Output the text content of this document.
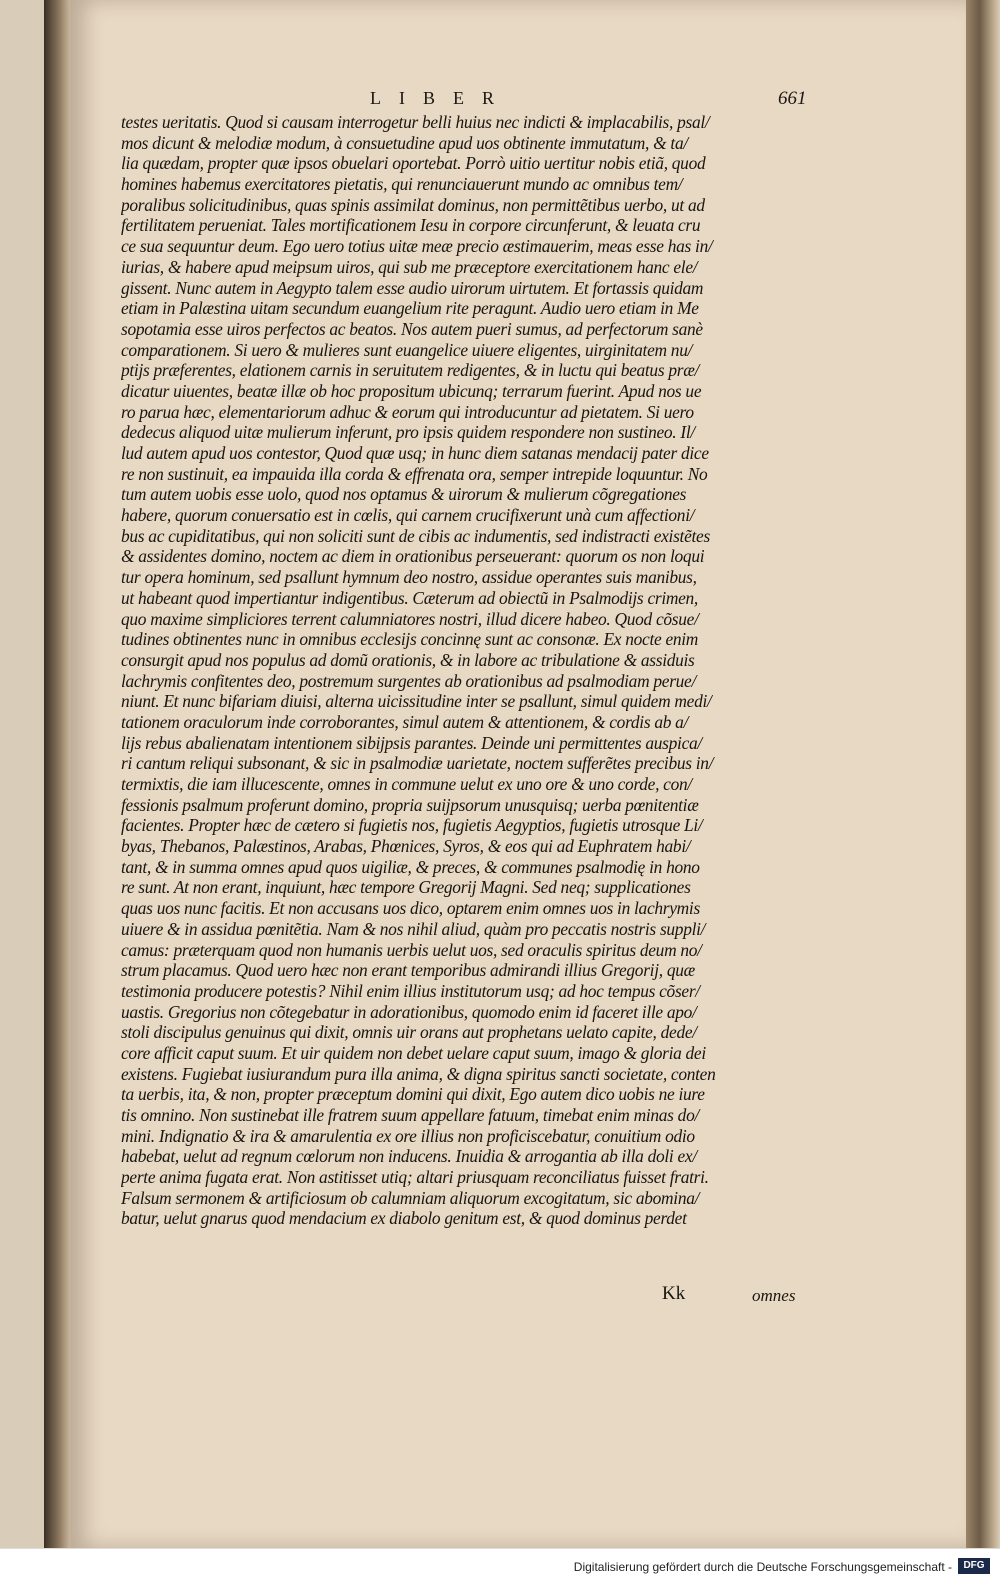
LIBER	661
testes ueritatis. Quod si causam interrogetur belli huius nec indicti & implacabilis, psal/
mos dicunt & melodiæ modum, à consuetudine apud uos obtinente immutatum, & ta/
lia quædam, propter quæ ipsos obuelari oportebat. Porrò uitio uertitur nobis etiã, quod
homines habemus exercitatores pietatis, qui renunciauerunt mundo ac omnibus tem/
poralibus solicitudinibus, quas spinis assimilat dominus, non permittẽtibus uerbo, ut ad
fertilitatem perueniat. Tales mortificationem Iesu in corpore circunferunt, & leuata cru
ce sua sequuntur deum. Ego uero totius uitæ meæ precio æstimauerim, meas esse has in/
iurias, & habere apud meipsum uiros, qui sub me præceptore exercitationem hanc ele/
gissent. Nunc autem in Aegypto talem esse audio uirorum uirtutem. Et fortassis quidam
etiam in Palæstina uitam secundum euangelium rite peragunt. Audio uero etiam in Me
sopotamia esse uiros perfectos ac beatos. Nos autem pueri sumus, ad perfectorum sanè
comparationem. Si uero & mulieres sunt euangelice uiuere eligentes, uirginitatem nu/
ptijs præferentes, elationem carnis in seruitutem redigentes, & in luctu qui beatus præ/
dicatur uiuentes, beatæ illæ ob hoc propositum ubicunq; terrarum fuerint. Apud nos ue
ro parua hæc, elementariorum adhuc & eorum qui introducuntur ad pietatem. Si uero
dedecus aliquod uitæ mulierum inferunt, pro ipsis quidem respondere non sustineo. Il/
lud autem apud uos contestor, Quod quæ usq; in hunc diem satanas mendacij pater dice
re non sustinuit, ea impauida illa corda & effrenata ora, semper intrepide loquuntur. No
tum autem uobis esse uolo, quod nos optamus & uirorum & mulierum cõgregationes
habere, quorum conuersatio est in cœlis, qui carnem crucifixerunt unà cum affectioni/
bus ac cupiditatibus, qui non soliciti sunt de cibis ac indumentis, sed indistracti existẽtes
& assidentes domino, noctem ac diem in orationibus perseuerant: quorum os non loqui
tur opera hominum, sed psallunt hymnum deo nostro, assidue operantes suis manibus,
ut habeant quod impertiantur indigentibus. Cæterum ad obiectũ in Psalmodijs crimen,
quo maxime simpliciores terrent calumniatores nostri, illud dicere habeo. Quod cõsue/
tudines obtinentes nunc in omnibus ecclesijs concinnę sunt ac consonæ. Ex nocte enim
consurgit apud nos populus ad domũ orationis, & in labore ac tribulatione & assiduis
lachrymis confitentes deo, postremum surgentes ab orationibus ad psalmodiam perue/
niunt. Et nunc bifariam diuisi, alterna uicissitudine inter se psallunt, simul quidem medi/
tationem oraculorum inde corroborantes, simul autem & attentionem, & cordis ab a/
lijs rebus abalienatam intentionem sibijpsis parantes. Deinde uni permittentes auspica/
ri cantum reliqui subsonant, & sic in psalmodiæ uarietate, noctem sufferẽtes precibus in/
termixtis, die iam illucescente, omnes in commune uelut ex uno ore & uno corde, con/
fessionis psalmum proferunt domino, propria suijpsorum unusquisq; uerba pœnitentiæ
facientes. Propter hæc de cætero si fugietis nos, fugietis Aegyptios, fugietis utrosque Li/
byas, Thebanos, Palæstinos, Arabas, Phœnices, Syros, & eos qui ad Euphratem habi/
tant, & in summa omnes apud quos uigiliæ, & preces, & communes psalmodię in hono
re sunt. At non erant, inquiunt, hæc tempore Gregorij Magni. Sed neq; supplicationes
quas uos nunc facitis. Et non accusans uos dico, optarem enim omnes uos in lachrymis
uiuere & in assidua pœnitẽtia. Nam & nos nihil aliud, quàm pro peccatis nostris suppli/
camus: præterquam quod non humanis uerbis uelut uos, sed oraculis spiritus deum no/
strum placamus. Quod uero hæc non erant temporibus admirandi illius Gregorij, quæ
testimonia producere potestis? Nihil enim illius institutorum usq; ad hoc tempus cõser/
uastis. Gregorius non cõtegebatur in adorationibus, quomodo enim id faceret ille apo/
stoli discipulus genuinus qui dixit, omnis uir orans aut prophetans uelato capite, dede/
core afficit caput suum. Et uir quidem non debet uelare caput suum, imago & gloria dei
existens. Fugiebat iusiurandum pura illa anima, & digna spiritus sancti societate, conten
ta uerbis, ita, & non, propter præceptum domini qui dixit, Ego autem dico uobis ne iure
tis omnino. Non sustinebat ille fratrem suum appellare fatuum, timebat enim minas do/
mini. Indignatio & ira & amarulentia ex ore illius non proficiscebatur, conuitium odio
habebat, uelut ad regnum cœlorum non inducens. Inuidia & arrogantia ab illa doli ex/
perte anima fugata erat. Non astitisset utiq; altari priusquam reconciliatus fuisset fratri.
Falsum sermonem & artificiosum ob calumniam aliquorum excogitatum, sic abomina/
batur, uelut gnarus quod mendacium ex diabolo genitum est, & quod dominus perdet
Kk	omnes
Digitalisierung gefördert durch die Deutsche Forschungsgemeinschaft -	DFG
